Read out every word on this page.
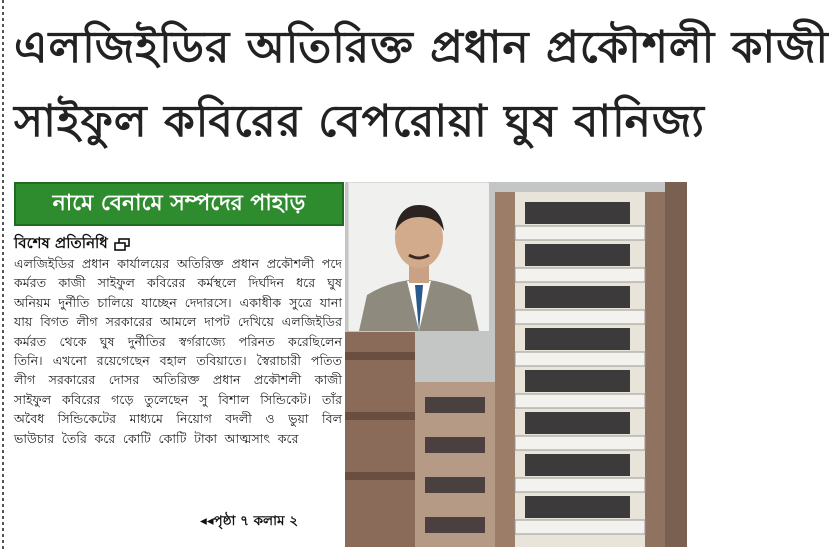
এলজিইডির অতিরিক্ত প্রধান প্রকৌশলী কাজী
সাইফুল কবিরের বেপরোয়া ঘুষ বানিজ্য
নামে বেনামে সম্পদের পাহাড়
বিশেষ প্রতিনিধি

এলজিইডির প্রধান কার্যালয়ের অতিরিক্ত প্রধান প্রকৌশলী পদে কর্মরত কাজী সাইফুল কবিরের কর্মস্থলে দির্ঘদিন ধরে ঘুষ অনিয়ম দুর্নীতি চালিয়ে যাচ্ছেন দেদারসে। একাধীক সুত্রে যানা যায় বিগত লীগ সরকারের আমলে দাপট দেখিয়ে এলজিইডির কর্মরত থেকে ঘুষ দুর্নীতির স্বর্গরাজ্যে পরিনত করেছিলেন তিনি। এখনো রয়েগেছেন বহাল তবিয়াতে। স্বৈরাচারী পতিত লীগ সরকারের দোসর অতিরিক্ত প্রধান প্রকৌশলী কাজী সাইফুল কবিরের গড়ে তুলেছেন সু বিশাল সিন্ডিকেট। তাঁর অবৈধ সিন্ডিকেটের মাধ্যমে নিয়োগ বদলী ও ভুয়া বিল ভাউচার তৈরি করে কোটি কোটি টাকা আত্মসাৎ করে

◂◂পৃষ্ঠা ৭ কলাম ২
